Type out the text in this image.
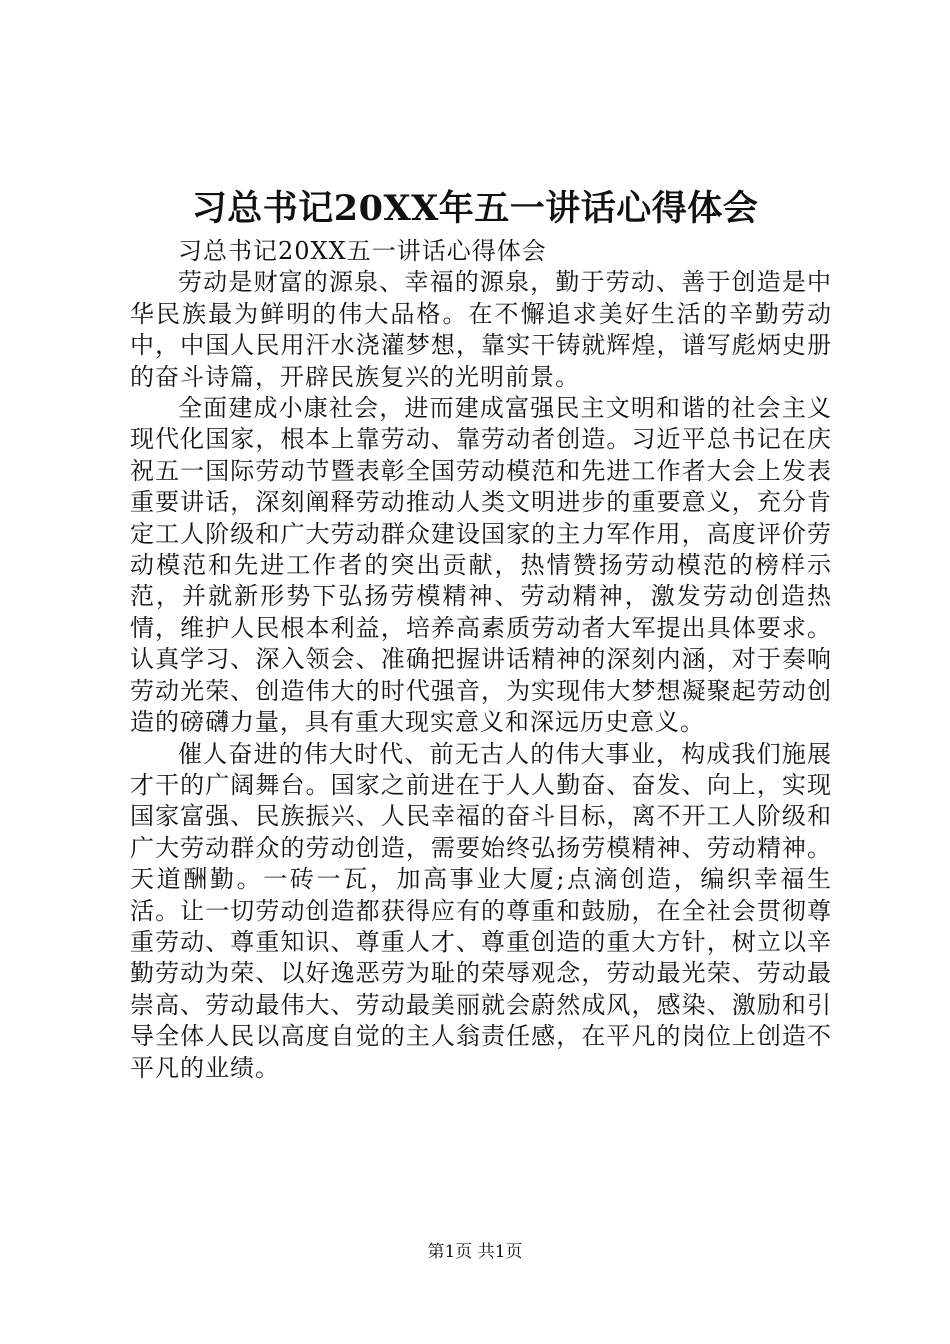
习总书记20XX年五一讲话心得体会

习总书记20XX五一讲话心得体会

劳动是财富的源泉、幸福的源泉，勤于劳动、善于创造是中华民族最为鲜明的伟大品格。在不懈追求美好生活的辛勤劳动中，中国人民用汗水浇灌梦想，靠实干铸就辉煌，谱写彪炳史册的奋斗诗篇，开辟民族复兴的光明前景。

全面建成小康社会，进而建成富强民主文明和谐的社会主义现代化国家，根本上靠劳动、靠劳动者创造。习近平总书记在庆祝五一国际劳动节暨表彰全国劳动模范和先进工作者大会上发表重要讲话，深刻阐释劳动推动人类文明进步的重要意义，充分肯定工人阶级和广大劳动群众建设国家的主力军作用，高度评价劳动模范和先进工作者的突出贡献，热情赞扬劳动模范的榜样示范，并就新形势下弘扬劳模精神、劳动精神，激发劳动创造热情，维护人民根本利益，培养高素质劳动者大军提出具体要求。认真学习、深入领会、准确把握讲话精神的深刻内涵，对于奏响劳动光荣、创造伟大的时代强音，为实现伟大梦想凝聚起劳动创造的磅礴力量，具有重大现实意义和深远历史意义。

催人奋进的伟大时代、前无古人的伟大事业，构成我们施展才干的广阔舞台。国家之前进在于人人勤奋、奋发、向上，实现国家富强、民族振兴、人民幸福的奋斗目标，离不开工人阶级和广大劳动群众的劳动创造，需要始终弘扬劳模精神、劳动精神。天道酬勤。一砖一瓦，加高事业大厦;点滴创造，编织幸福生活。让一切劳动创造都获得应有的尊重和鼓励，在全社会贯彻尊重劳动、尊重知识、尊重人才、尊重创造的重大方针，树立以辛勤劳动为荣、以好逸恶劳为耻的荣辱观念，劳动最光荣、劳动最崇高、劳动最伟大、劳动最美丽就会蔚然成风，感染、激励和引导全体人民以高度自觉的主人翁责任感，在平凡的岗位上创造不平凡的业绩。

第1页 共1页
